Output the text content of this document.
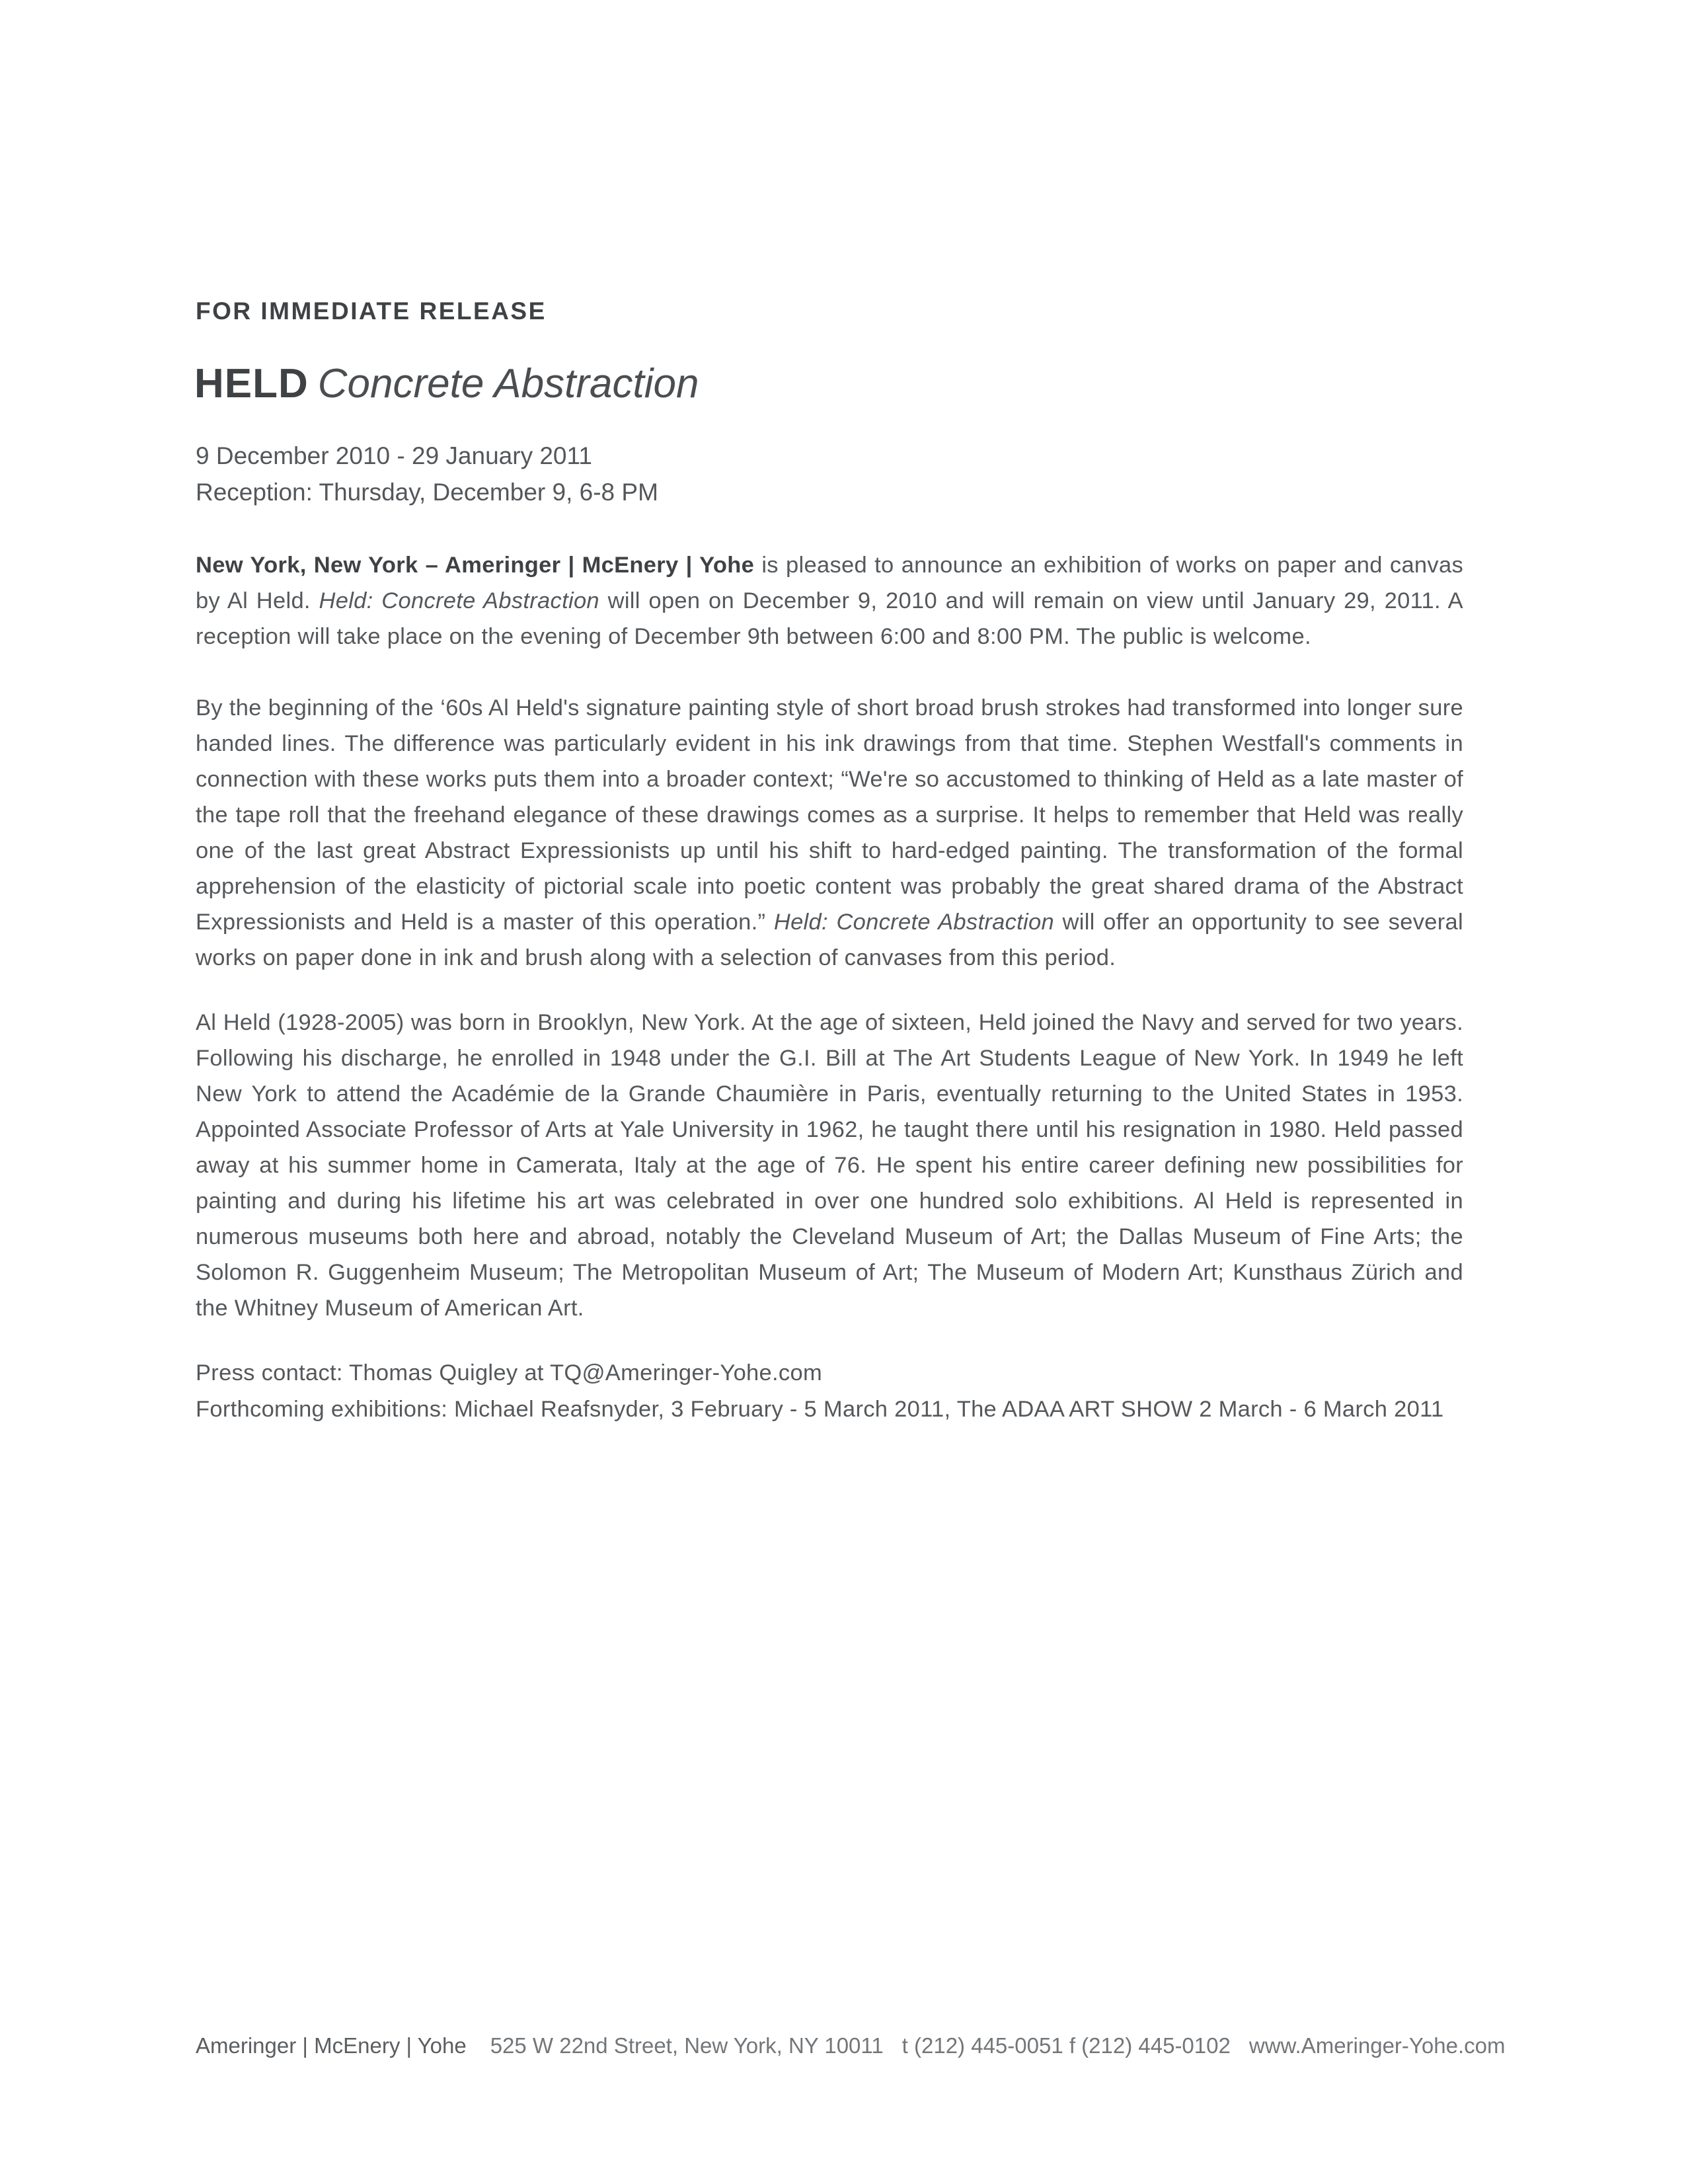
FOR IMMEDIATE RELEASE
HELD Concrete Abstraction
9 December 2010 - 29 January 2011
Reception: Thursday, December 9, 6-8 PM
New York, New York – Ameringer | McEnery | Yohe is pleased to announce an exhibition of works on paper and canvas by Al Held. Held: Concrete Abstraction will open on December 9, 2010 and will remain on view until January 29, 2011. A reception will take place on the evening of December 9th between 6:00 and 8:00 PM. The public is welcome.
By the beginning of the ‘60s Al Held's signature painting style of short broad brush strokes had transformed into longer sure handed lines. The difference was particularly evident in his ink drawings from that time. Stephen Westfall's comments in connection with these works puts them into a broader context; “We're so accustomed to thinking of Held as a late master of the tape roll that the freehand elegance of these drawings comes as a surprise. It helps to remember that Held was really one of the last great Abstract Expressionists up until his shift to hard-edged painting. The transformation of the formal apprehension of the elasticity of pictorial scale into poetic content was probably the great shared drama of the Abstract Expressionists and Held is a master of this operation.” Held: Concrete Abstraction will offer an opportunity to see several works on paper done in ink and brush along with a selection of canvases from this period.
Al Held (1928-2005) was born in Brooklyn, New York. At the age of sixteen, Held joined the Navy and served for two years. Following his discharge, he enrolled in 1948 under the G.I. Bill at The Art Students League of New York. In 1949 he left New York to attend the Académie de la Grande Chaumière in Paris, eventually returning to the United States in 1953. Appointed Associate Professor of Arts at Yale University in 1962, he taught there until his resignation in 1980. Held passed away at his summer home in Camerata, Italy at the age of 76. He spent his entire career defining new possibilities for painting and during his lifetime his art was celebrated in over one hundred solo exhibitions. Al Held is represented in numerous museums both here and abroad, notably the Cleveland Museum of Art; the Dallas Museum of Fine Arts; the Solomon R. Guggenheim Museum; The Metropolitan Museum of Art; The Museum of Modern Art; Kunsthaus Zürich and the Whitney Museum of American Art.
Press contact: Thomas Quigley at TQ@Ameringer-Yohe.com
Forthcoming exhibitions: Michael Reafsnyder, 3 February - 5 March 2011, The ADAA ART SHOW 2 March - 6 March 2011
Ameringer | McEnery | Yohe 525 W 22nd Street, New York, NY 10011 t (212) 445-0051 f (212) 445-0102 www.Ameringer-Yohe.com
